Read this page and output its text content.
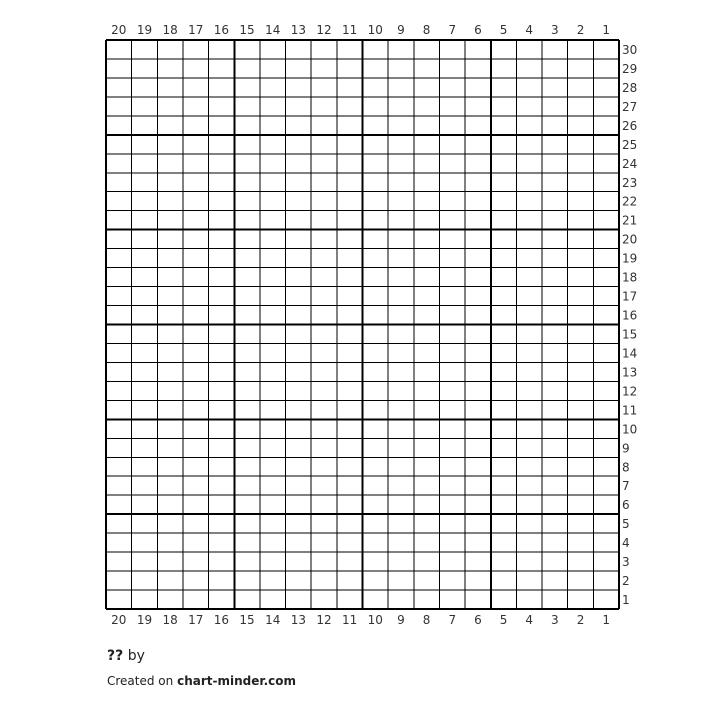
20 19 18 17 16 15 14 13 12 11 10 9 8 7 6 5 4 3 2 1
20 19 18 17 16 15 14 13 12 11 10 9 8 7 6 5 4 3 2 1
30
29
28
27
26
25
24
23
22
21
20
19
18
17
16
15
14
13
12
11
10
9
8
7
6
5
4
3
2
1
?? by
Created on chart-minder.com
